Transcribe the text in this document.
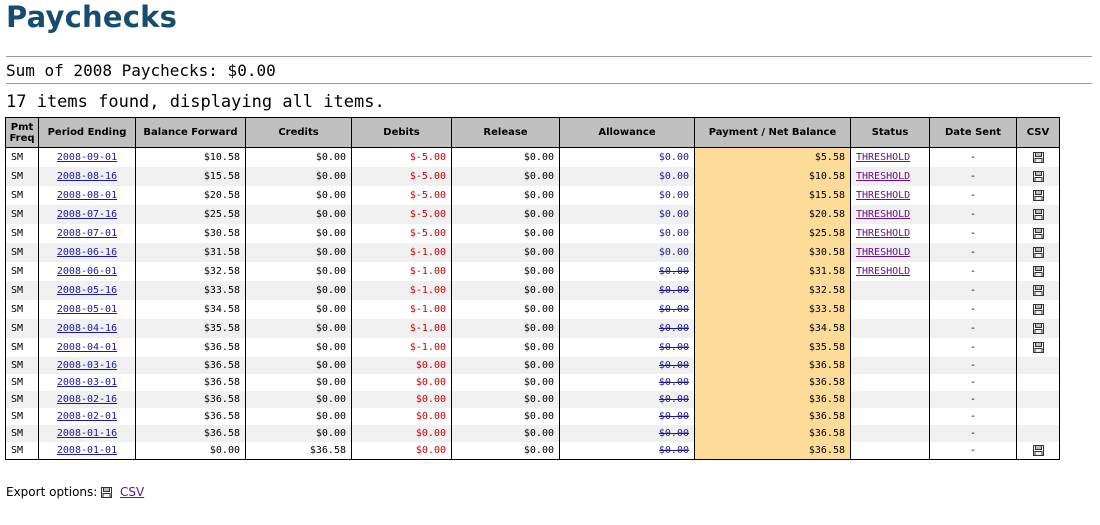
Paychecks
Sum of 2008 Paychecks: $0.00
17 items found, displaying all items.
Pmt Freq	Period Ending	Balance Forward	Credits	Debits	Release	Allowance	Payment / Net Balance	Status	Date Sent	CSV
SM	2008-09-01	$10.58	$0.00	$-5.00	$0.00	$0.00	$5.58	THRESHOLD	-	
SM	2008-08-16	$15.58	$0.00	$-5.00	$0.00	$0.00	$10.58	THRESHOLD	-	
SM	2008-08-01	$20.58	$0.00	$-5.00	$0.00	$0.00	$15.58	THRESHOLD	-	
SM	2008-07-16	$25.58	$0.00	$-5.00	$0.00	$0.00	$20.58	THRESHOLD	-	
SM	2008-07-01	$30.58	$0.00	$-5.00	$0.00	$0.00	$25.58	THRESHOLD	-	
SM	2008-06-16	$31.58	$0.00	$-1.00	$0.00	$0.00	$30.58	THRESHOLD	-	
SM	2008-06-01	$32.58	$0.00	$-1.00	$0.00	$0.00	$31.58	THRESHOLD	-	
SM	2008-05-16	$33.58	$0.00	$-1.00	$0.00	$0.00	$32.58		-	
SM	2008-05-01	$34.58	$0.00	$-1.00	$0.00	$0.00	$33.58		-	
SM	2008-04-16	$35.58	$0.00	$-1.00	$0.00	$0.00	$34.58		-	
SM	2008-04-01	$36.58	$0.00	$-1.00	$0.00	$0.00	$35.58		-	
SM	2008-03-16	$36.58	$0.00	$0.00	$0.00	$0.00	$36.58		-	
SM	2008-03-01	$36.58	$0.00	$0.00	$0.00	$0.00	$36.58		-	
SM	2008-02-16	$36.58	$0.00	$0.00	$0.00	$0.00	$36.58		-	
SM	2008-02-01	$36.58	$0.00	$0.00	$0.00	$0.00	$36.58		-	
SM	2008-01-16	$36.58	$0.00	$0.00	$0.00	$0.00	$36.58		-	
SM	2008-01-01	$0.00	$36.58	$0.00	$0.00	$0.00	$36.58		-	
Export options: CSV
